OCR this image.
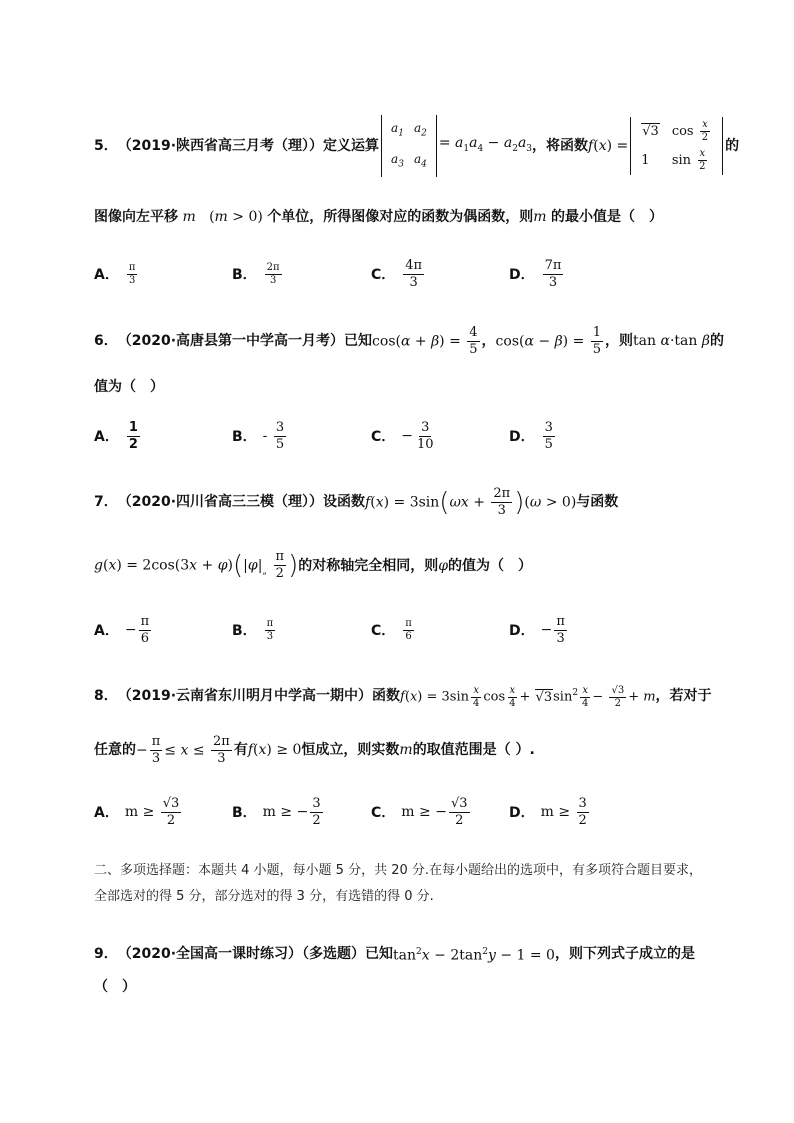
5． （2019·陕西省高三月考（理）） 定义运算
$a_1$	$a_2$
$a_3$	$a_4$
= $a_1a_4 - a_2a_3$ ，将函数 f(x) =
√3	$\cos \frac{x}{2}$

1	$\sin \frac{x}{2}$
的
图像向左平移 m   (m > 0) 个单位，所得图像对应的函数为偶函数，则m 的最小值是（　）
A． $\frac{\pi}{3}$	B． $\frac{2\pi}{3}$	C． $\frac{4\pi}{3}$	D． $\frac{7\pi}{3}$
6． （2020·高唐县第一中学高一月考） 已知 $\cos(\alpha + \beta) = \frac{4}{5}$ ， $\cos(\alpha - \beta) = \frac{1}{5}$ ，则 tan α·tan β 的
值为（　）
A． $\frac{1}{2}$	B． -
$\frac{3}{5}$	C． − $\frac{3}{10}$	D． $\frac{3}{5}$
7． （2020·四川省高三三模（理）） 设函数 $f(x) = 3\sin(\omega x + \frac{2\pi}{3} )(\omega > 0)$ 与函数
$g(x) = 2\cos(3x + \varphi)(|\varphi|_„ \frac{\pi}{2}$ ) 的对称轴完全相同，则 φ 的值为（　）
A． − $\frac{\pi}{6}$	B． $\frac{\pi}{3}$	C． $\frac{\pi}{6}$	D． − $\frac{\pi}{3}$
8． （2019·云南省东川明月中学高一期中） 函数 $f(x) = 3\sin \frac{x}{4}$ $\cos \frac{x}{4} + √3\sin^2 \frac{x}{4} - \frac{√3}{2} + m$ ，若对于
任意的 − $\frac{\pi}{3} \le x \le \frac{2\pi}{3}$ 有 f(x) ≥ 0 恒成立，则实数 m 的取值范围是（ ）.
A． m ≥
$\frac{√3}{2}$	B． m ≥
− $\frac{3}{2}$	C． m ≥
− $\frac{√3}{2}$	D． m ≥
$\frac{3}{2}$
二、多项选择题：本题共 4 小题，每小题 5 分，共 20 分.在每小题给出的选项中，有多项符合题目要求，全部选对的得 5 分，部分选对的得 3 分，有选错的得 0 分.
9． （2020·全国高一课时练习）（多选题） 已知 $\tan^2x - 2\tan^2y - 1 = 0$ ，则下列式子成立的是
（　）
